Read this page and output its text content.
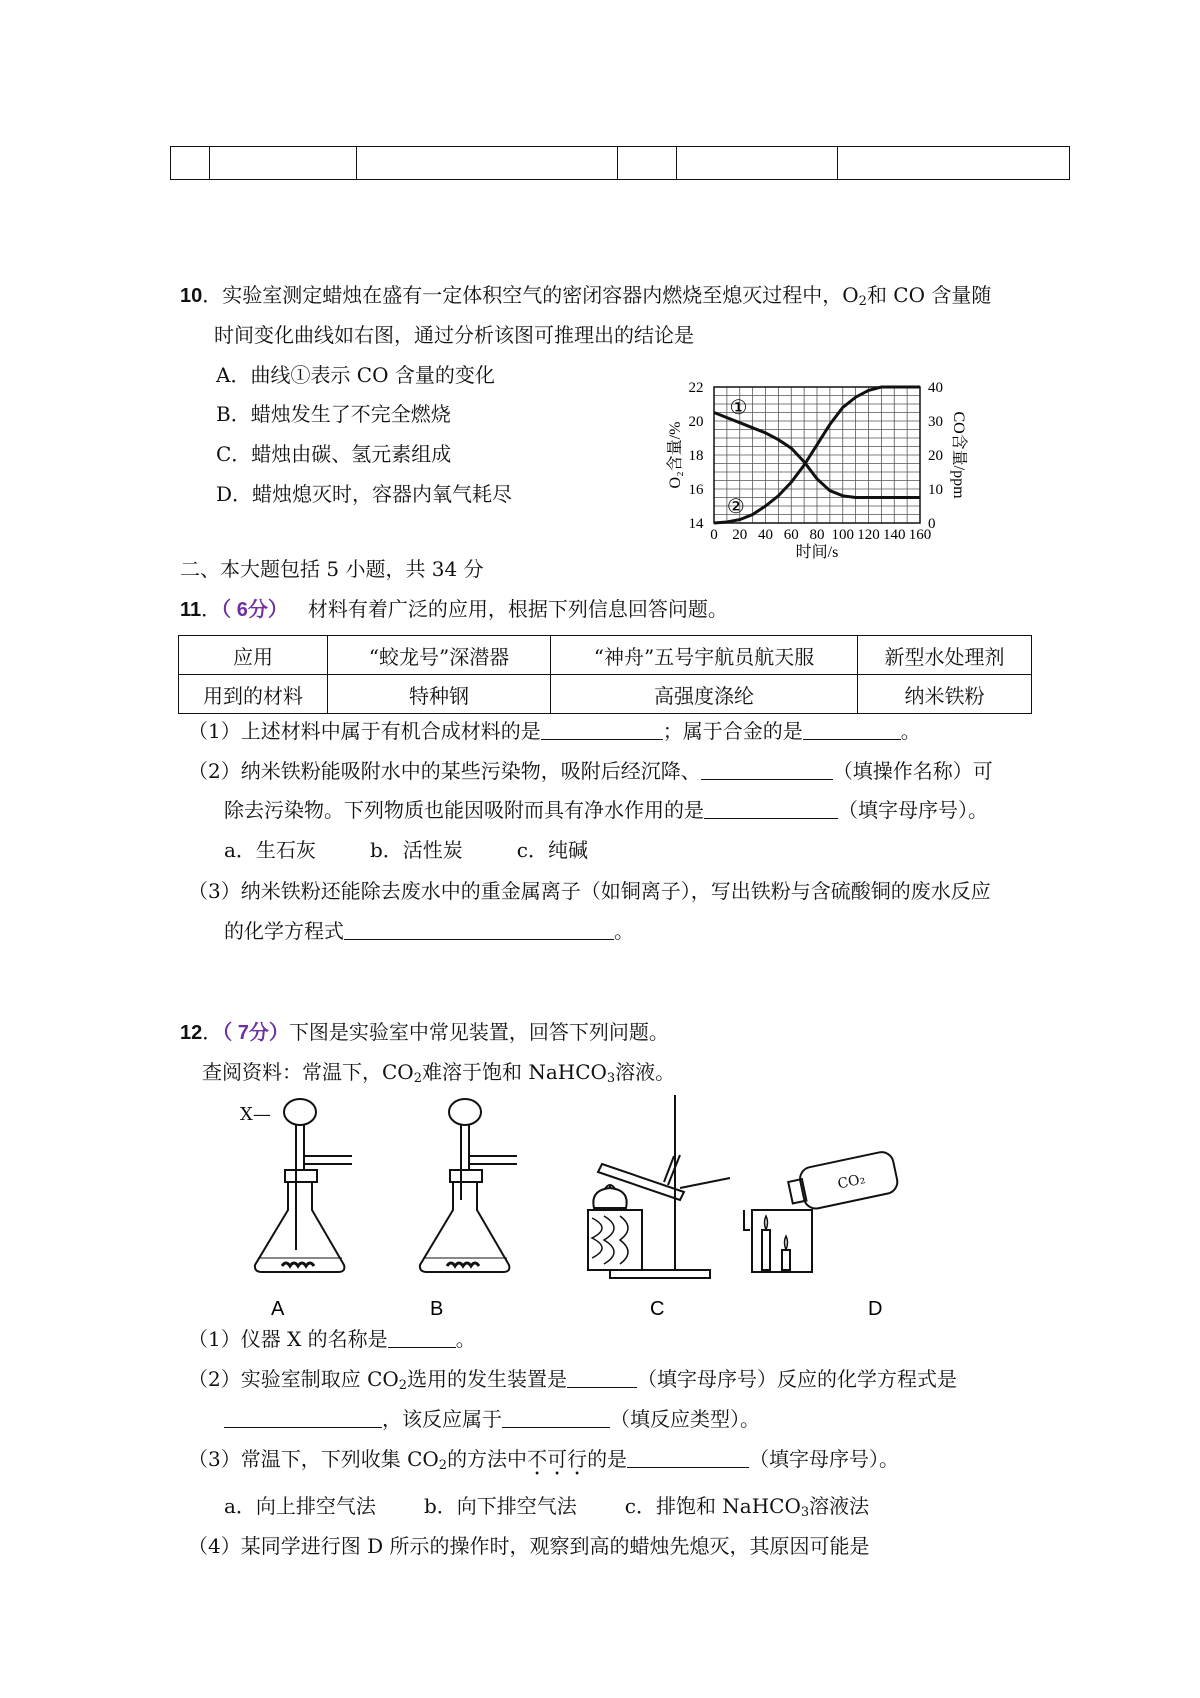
10．实验室测定蜡烛在盛有一定体积空气的密闭容器内燃烧至熄灭过程中，$O_2$和 CO 含量随
时间变化曲线如右图，通过分析该图可推理出的结论是
A．曲线①表示 CO 含量的变化
B．蜡烛发生了不完全燃烧
C．蜡烛由碳、氢元素组成
D．蜡烛熄灭时，容器内氧气耗尽
0 20 40 60 80 100 120 140 160
14
16
18
20
22
0
10
20
30
40
时间/s
O₂含量/%	CO含量/ppm
①
②
二、本大题包括 5 小题，共 34 分
11．（ 6分） 材料有着广泛的应用，根据下列信息回答问题。
应用	“蛟龙号”深潜器	“神舟”五号宇航员航天服	新型水处理剂
用到的材料	特种钢	高强度涤纶	纳米铁粉
（1）上述材料中属于有机合成材料的是	；属于合金的是	。
（2）纳米铁粉能吸附水中的某些污染物，吸附后经沉降、	（填操作名称）可
除去污染物。下列物质也能因吸附而具有净水作用的是	（填字母序号）。
a．生石灰	b．活性炭	c．纯碱
（3）纳米铁粉还能除去废水中的重金属离子（如铜离子），写出铁粉与含硫酸铜的废水反应
的化学方程式	。
12．（ 7分）下图是实验室中常见装置，回答下列问题。
查阅资料：常温下，$CO_2$难溶于饱和 NaHCO$_3$溶液。
X—
CO₂
A	B	C	D
（1）仪器 X 的名称是	。
（2）实验室制取应 $CO_2$选用的发生装置是	（填字母序号）反应的化学方程式是
，该反应属于	（填反应类型）。
（3）常温下，下列收集 $CO_2$的方法中不可行的是	（填字母序号）。
a．向上排空气法 b．向下排空气法 c．排饱和 NaHCO$_3$溶液法
（4）某同学进行图 D 所示的操作时，观察到高的蜡烛先熄灭，其原因可能是
